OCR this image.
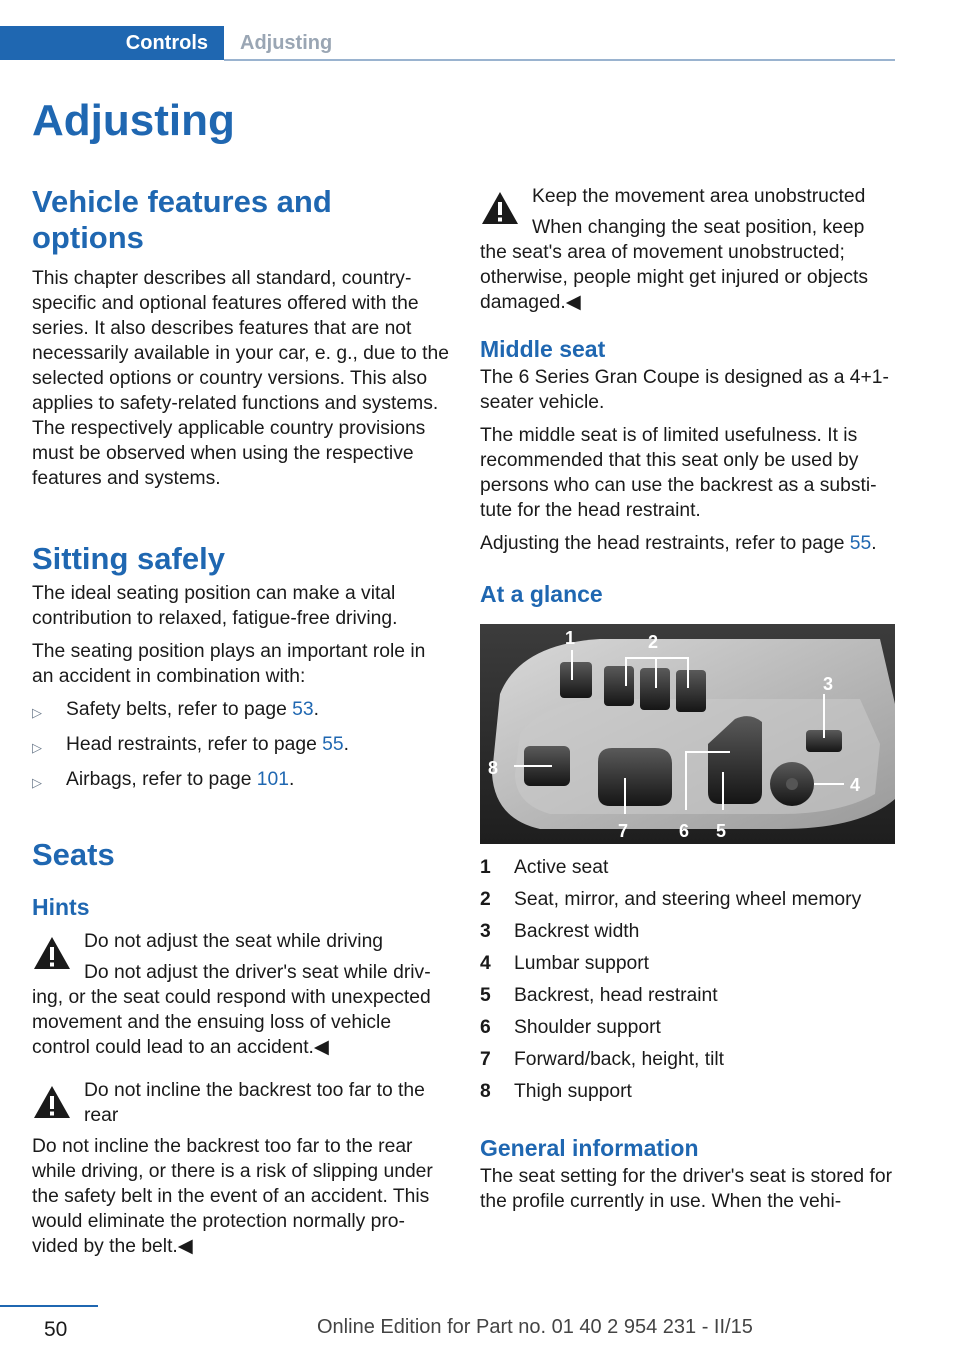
Controls	Adjusting
Adjusting
Vehicle features and options

This chapter describes all standard, country-specific and optional features offered with the series. It also describes features that are not necessarily available in your car, e. g., due to the selected options or country versions. This also applies to safety-related functions and systems. The respectively applicable country provisions must be observed when using the respective features and systems.

Sitting safely

The ideal seating position can make a vital contribution to relaxed, fatigue-free driving.

The seating position plays an important role in an accident in combination with:

▷	Safety belts, refer to page 53.
▷	Head restraints, refer to page 55.
▷	Airbags, refer to page 101.
Seats
Hints
Do not adjust the seat while driving
Do not adjust the driver's seat while driv‐

ing, or the seat could respond with unexpected movement and the ensuing loss of vehicle control could lead to an accident.◀

Do not incline the backrest too far to the rear

Do not incline the backrest too far to the rear while driving, or there is a risk of slipping under the safety belt in the event of an accident. This would eliminate the protection normally pro‐vided by the belt.◀

Keep the movement area unobstructed
When changing the seat position, keep

the seat's area of movement unobstructed; otherwise, people might get injured or objects damaged.◀

Middle seat

The 6 Series Gran Coupe is designed as a 4+1-seater vehicle.

The middle seat is of limited usefulness. It is recommended that this seat only be used by persons who can use the backrest as a substi‐tute for the head restraint.

Adjusting the head restraints, refer to page 55.

At a glance
1	2
3
4
5
6
7
8
1	Active seat
2	Seat, mirror, and steering wheel memory
3	Backrest width
4	Lumbar support
5	Backrest, head restraint
6	Shoulder support
7	Forward/back, height, tilt
8	Thigh support
General information

The seat setting for the driver's seat is stored for the profile currently in use. When the vehi‐

50	Online Edition for Part no. 01 40 2 954 231 - II/15
